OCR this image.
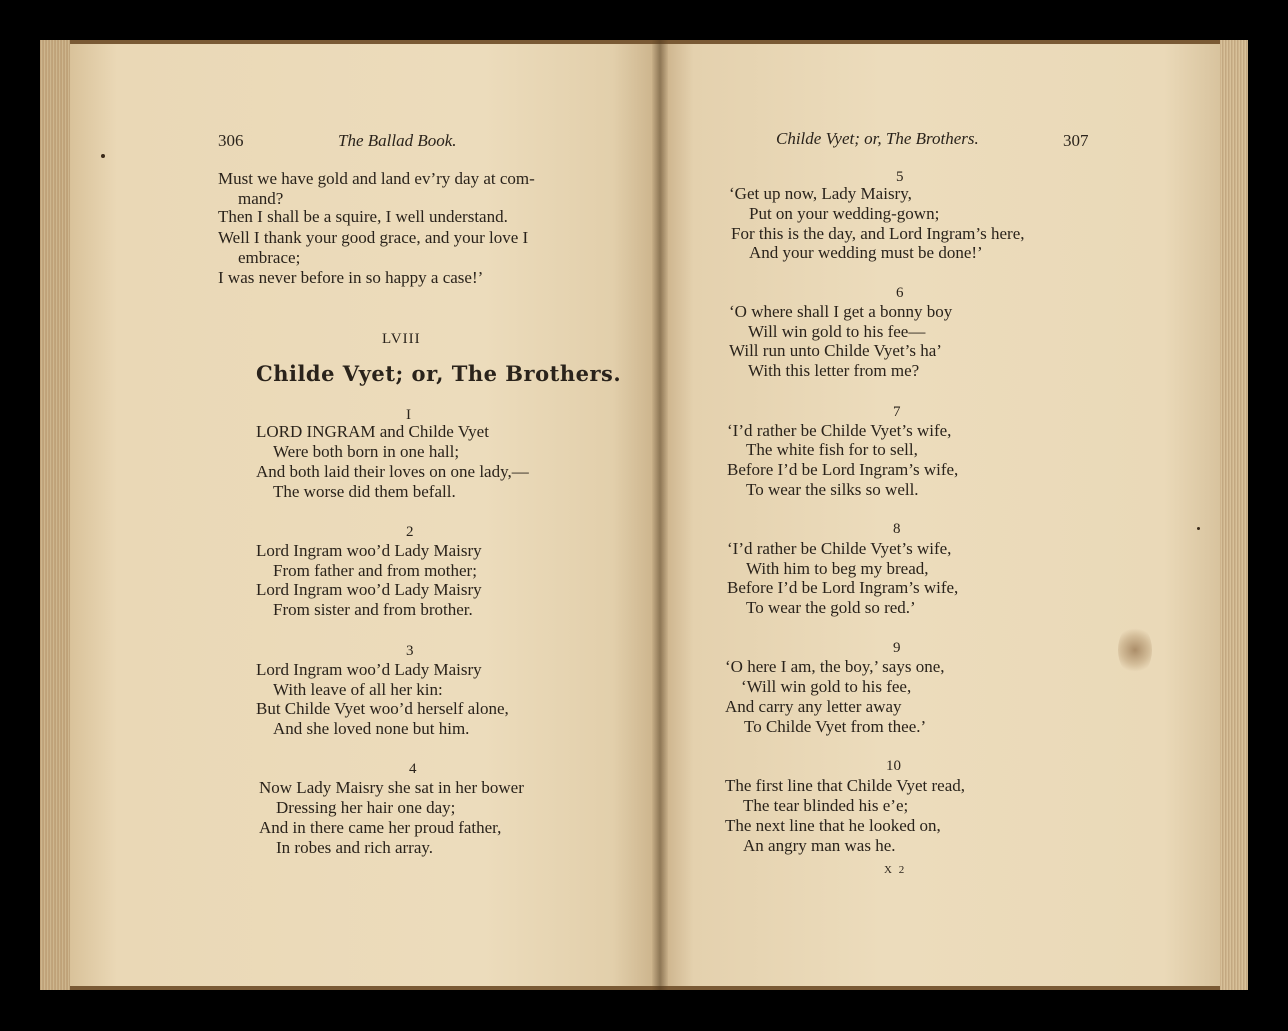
306	The Ballad Book.
Must we have gold and land ev’ry day at com-
mand?
Then I shall be a squire, I well understand.
Well I thank your good grace, and your love I
embrace;
I was never before in so happy a case!’
LVIII
Childe Vyet; or, The Brothers.
I
LORD INGRAM and Childe Vyet
Were both born in one hall;
And both laid their loves on one lady,—
The worse did them befall.
2
Lord Ingram woo’d Lady Maisry
From father and from mother;
Lord Ingram woo’d Lady Maisry
From sister and from brother.
3
Lord Ingram woo’d Lady Maisry
With leave of all her kin:
But Childe Vyet woo’d herself alone,
And she loved none but him.
4
Now Lady Maisry she sat in her bower
Dressing her hair one day;
And in there came her proud father,
In robes and rich array.
Childe Vyet; or, The Brothers.	307
5
‘Get up now, Lady Maisry,
Put on your wedding-gown;
For this is the day, and Lord Ingram’s here,
And your wedding must be done!’
6
‘O where shall I get a bonny boy
Will win gold to his fee—
Will run unto Childe Vyet’s ha’
With this letter from me?
7
‘I’d rather be Childe Vyet’s wife,
The white fish for to sell,
Before I’d be Lord Ingram’s wife,
To wear the silks so well.
8
‘I’d rather be Childe Vyet’s wife,
With him to beg my bread,
Before I’d be Lord Ingram’s wife,
To wear the gold so red.’
9
‘O here I am, the boy,’ says one,
‘Will win gold to his fee,
And carry any letter away
To Childe Vyet from thee.’
10
The first line that Childe Vyet read,
The tear blinded his e’e;
The next line that he looked on,
An angry man was he.
X 2
